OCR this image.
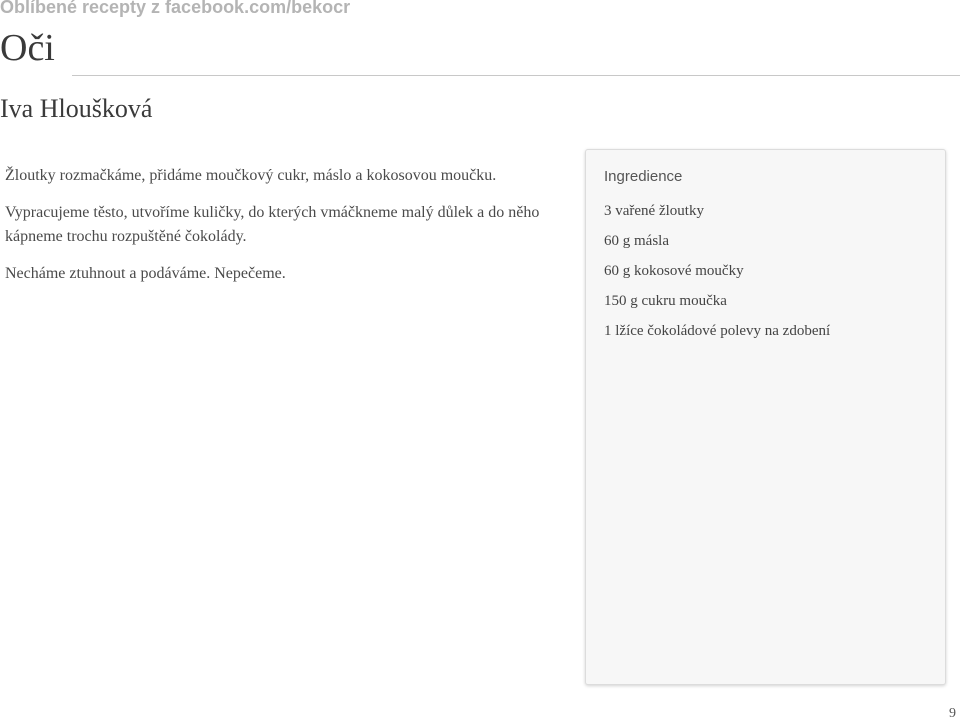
Oblíbené recepty z facebook.com/bekocr
Oči
Iva Hloušková

Žloutky rozmačkáme, přidáme moučkový cukr, máslo a kokosovou moučku.

Vypracujeme těsto, utvoříme kuličky, do kterých vmáčkneme malý důlek a do něho kápneme trochu rozpuštěné čokolády.

Necháme ztuhnout a podáváme. Nepečeme.

Ingredience
3 vařené žloutky
60 g másla
60 g kokosové moučky
150 g cukru moučka
1 lžíce čokoládové polevy na zdobení
9
